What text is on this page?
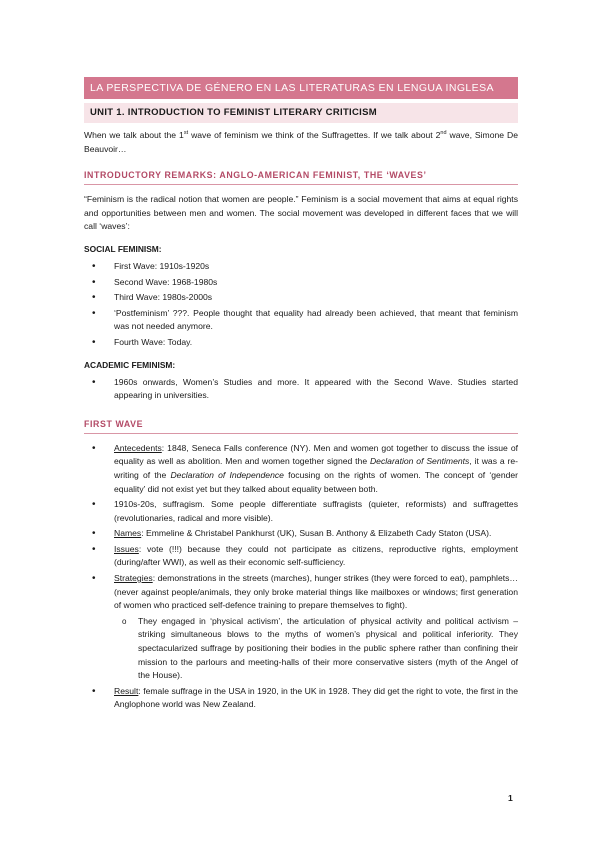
LA PERSPECTIVA DE GÉNERO EN LAS LITERATURAS EN LENGUA INGLESA
UNIT 1. INTRODUCTION TO FEMINIST LITERARY CRITICISM

When we talk about the 1st wave of feminism we think of the Suffragettes. If we talk about 2nd wave, Simone De Beauvoir…

INTRODUCTORY REMARKS: ANGLO-AMERICAN FEMINIST, THE ‘WAVES’

“Feminism is the radical notion that women are people.” Feminism is a social movement that aims at equal rights and opportunities between men and women. The social movement was developed in different faces that we will call ‘waves’:

SOCIAL FEMINISM:
• First Wave: 1910s-1920s
• Second Wave: 1968-1980s
• Third Wave: 1980s-2000s
• ‘Postfeminism’ ???. People thought that equality had already been achieved, that meant that feminism was not needed anymore.
• Fourth Wave: Today.
ACADEMIC FEMINISM:
• 1960s onwards, Women’s Studies and more. It appeared with the Second Wave. Studies started appearing in universities.
FIRST WAVE
• Antecedents: 1848, Seneca Falls conference (NY). Men and women got together to discuss the issue of equality as well as abolition. Men and women together signed the Declaration of Sentiments, it was a re-writing of the Declaration of Independence focusing on the rights of women. The concept of ‘gender equality’ did not exist yet but they talked about equality between both.
• 1910s-20s, suffragism. Some people differentiate suffragists (quieter, reformists) and suffragettes (revolutionaries, radical and more visible).
• Names: Emmeline & Christabel Pankhurst (UK), Susan B. Anthony & Elizabeth Cady Staton (USA).
• Issues: vote (!!!) because they could not participate as citizens, reproductive rights, employment (during/after WWI), as well as their economic self-sufficiency.
• Strategies: demonstrations in the streets (marches), hunger strikes (they were forced to eat), pamphlets… (never against people/animals, they only broke material things like mailboxes or windows; first generation of women who practiced self-defence training to prepare themselves to fight).
o They engaged in ‘physical activism’, the articulation of physical activity and political activism – striking simultaneous blows to the myths of women’s physical and political inferiority. They spectacularized suffrage by positioning their bodies in the public sphere rather than confining their mission to the parlours and meeting-halls of their more conservative sisters (myth of the Angel of the House).
• Result: female suffrage in the USA in 1920, in the UK in 1928. They did get the right to vote, the first in the Anglophone world was New Zealand.
1
